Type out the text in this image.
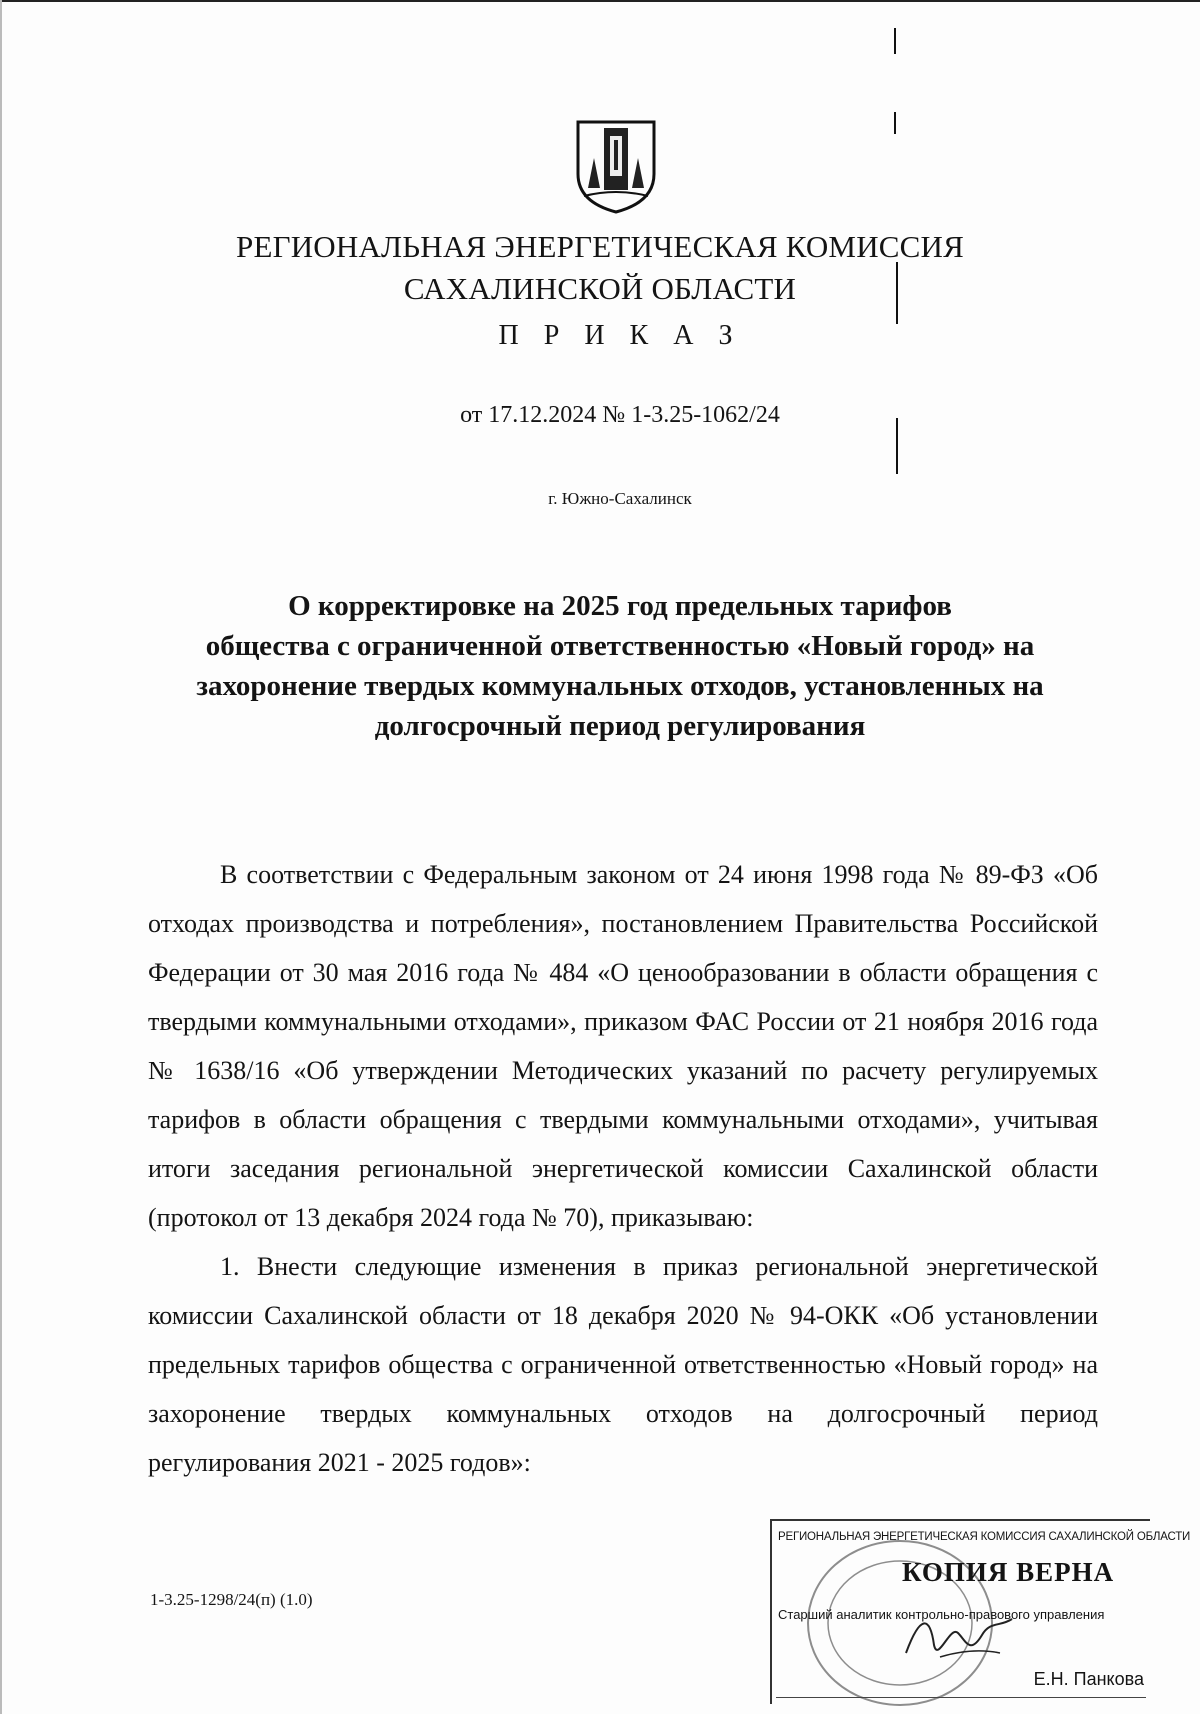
РЕГИОНАЛЬНАЯ ЭНЕРГЕТИЧЕСКАЯ КОМИССИЯ
САХАЛИНСКОЙ ОБЛАСТИ
П Р И К А З
от 17.12.2024 № 1-3.25-1062/24
г. Южно-Сахалинск
О корректировке на 2025 год предельных тарифов
общества с ограниченной ответственностью «Новый город» на
захоронение твердых коммунальных отходов, установленных на
долгосрочный период регулирования

В соответствии с Федеральным законом от 24 июня 1998 года № 89-ФЗ «Об отходах производства и потребления», постановлением Правительства Российской Федерации от 30 мая 2016 года № 484 «О ценообразовании в области обращения с твердыми коммунальными отходами», приказом ФАС России от 21 ноября 2016 года № 1638/16 «Об утверждении Методических указаний по расчету регулируемых тарифов в области обращения с твердыми коммунальными отходами», учитывая итоги заседания региональной энергетической комиссии Сахалинской области (протокол от 13 декабря 2024 года № 70), приказываю:

1. Внести следующие изменения в приказ региональной энергетической комиссии Сахалинской области от 18 декабря 2020 № 94-ОКК «Об установлении предельных тарифов общества с ограниченной ответственностью «Новый город» на захоронение твердых коммунальных отходов на долгосрочный период регулирования 2021 - 2025 годов»:

1-3.25-1298/24(п) (1.0)
РЕГИОНАЛЬНАЯ ЭНЕРГЕТИЧЕСКАЯ КОМИССИЯ САХАЛИНСКОЙ ОБЛАСТИ
КОПИЯ ВЕРНА
Старший аналитик контрольно-правового управления
Е.Н. Панкова
